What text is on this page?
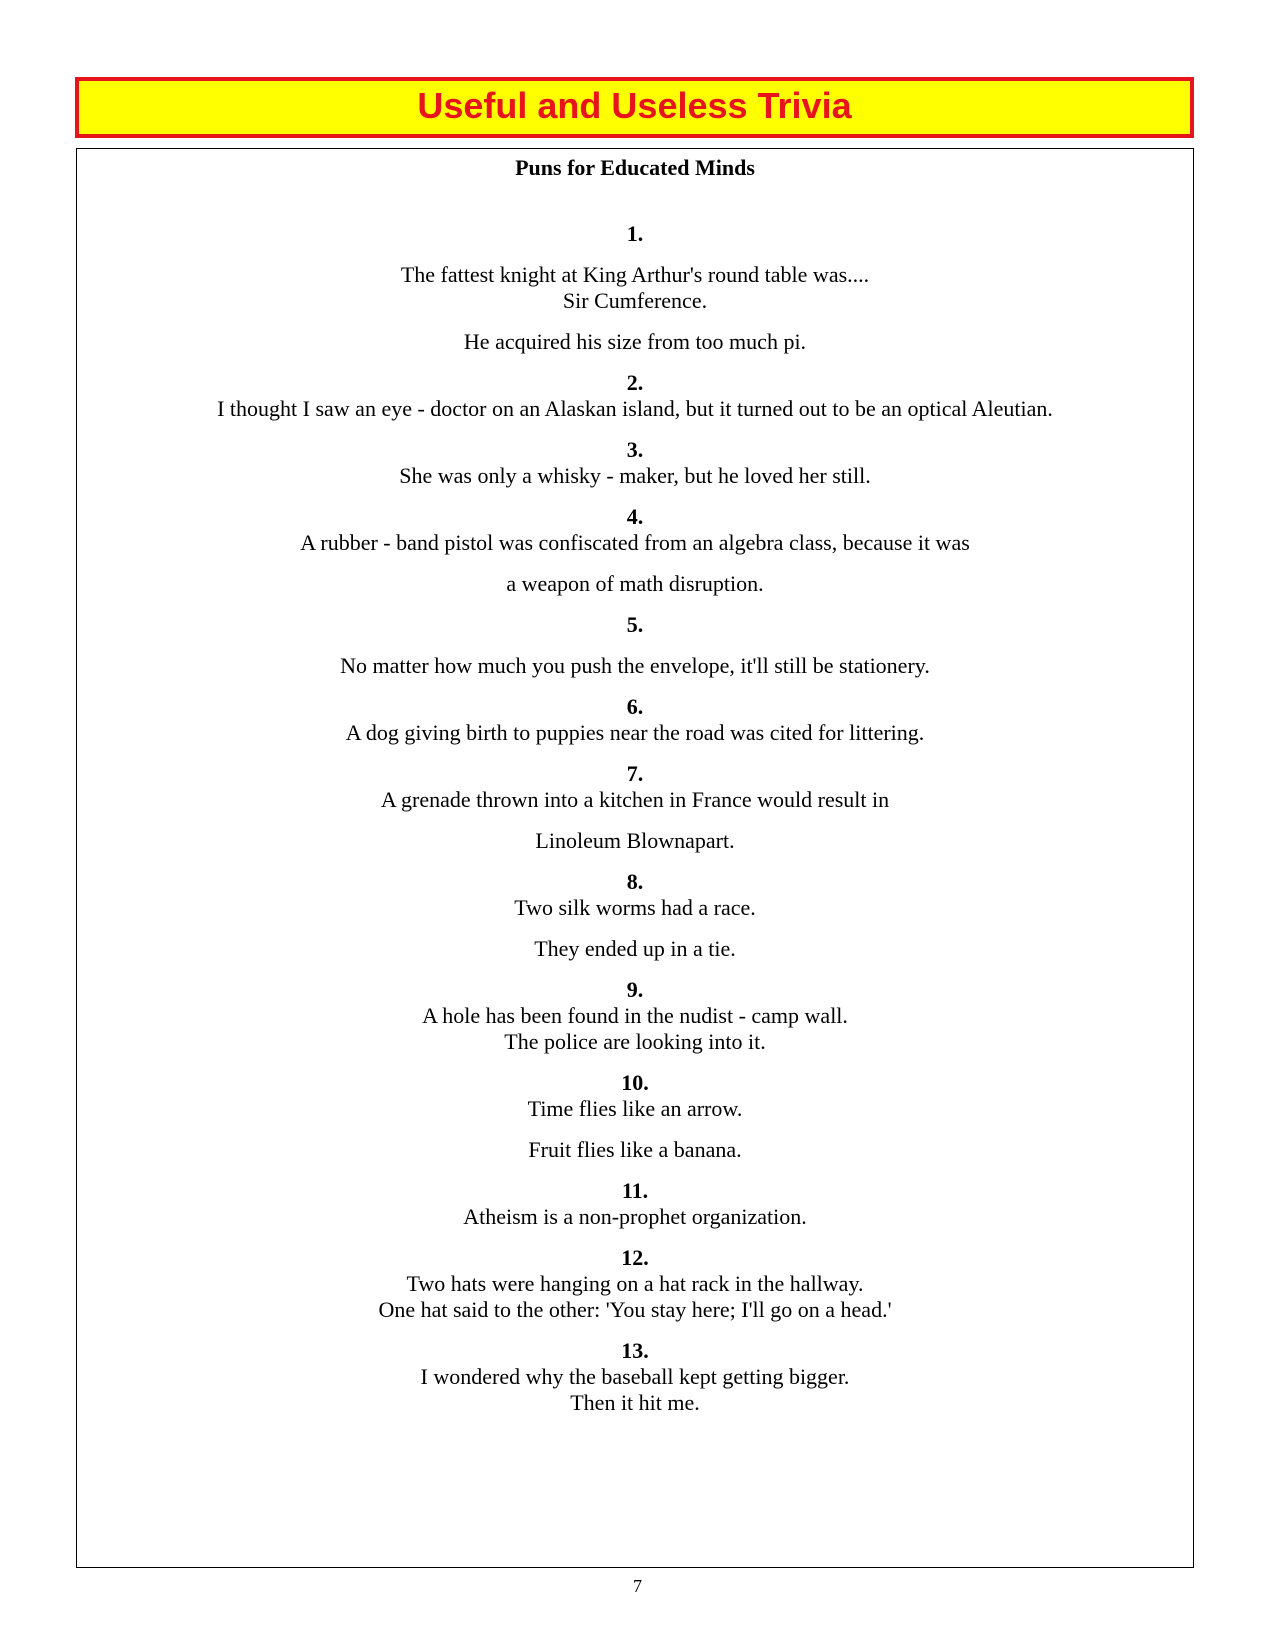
Useful and Useless Trivia
Puns for Educated Minds
1.
The fattest knight at King Arthur's round table was....
Sir Cumference.
He acquired his size from too much pi.
2.
I thought I saw an eye - doctor on an Alaskan island, but it turned out to be an optical Aleutian.
3.
She was only a whisky - maker, but he loved her still.
4.
A rubber - band pistol was confiscated from an algebra class, because it was
a weapon of math disruption.
5.
No matter how much you push the envelope, it'll still be stationery.
6.
A dog giving birth to puppies near the road was cited for littering.
7.
A grenade thrown into a kitchen in France would result in
Linoleum Blownapart.
8.
Two silk worms had a race.
They ended up in a tie.
9.
A hole has been found in the nudist - camp wall.
The police are looking into it.
10.
Time flies like an arrow.
Fruit flies like a banana.
11.
Atheism is a non-prophet organization.
12.
Two hats were hanging on a hat rack in the hallway.
One hat said to the other: 'You stay here; I'll go on a head.'
13.
I wondered why the baseball kept getting bigger.
Then it hit me.
7
